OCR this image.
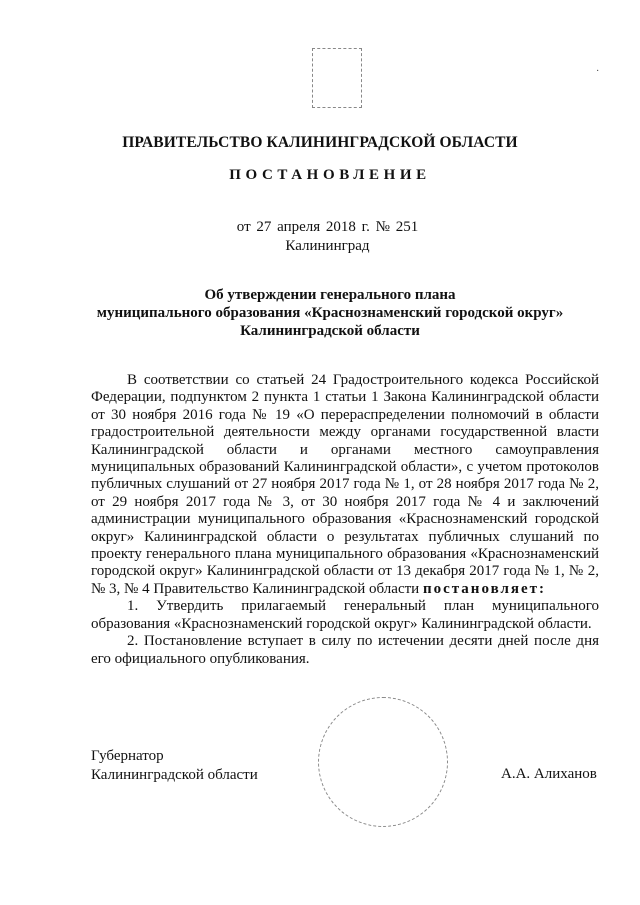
·
ПРАВИТЕЛЬСТВО КАЛИНИНГРАДСКОЙ ОБЛАСТИ
ПОСТАНОВЛЕНИЕ
от 27 апреля 2018 г. № 251
Калининград
Об утверждении генерального плана
муниципального образования «Краснознаменский городской округ»
Калининградской области

В соответствии со статьей 24 Градостроительного кодекса Российской Федерации, подпунктом 2 пункта 1 статьи 1 Закона Калининградской области от 30 ноября 2016 года № 19 «О перераспределении полномочий в области градостроительной деятельности между органами государственной власти Калининградской области и органами местного самоуправления муниципальных образований Калининградской области», с учетом протоколов публичных слушаний от 27 ноября 2017 года № 1, от 28 ноября 2017 года № 2, от 29 ноября 2017 года № 3, от 30 ноября 2017 года № 4 и заключений администрации муниципального образования «Краснознаменский городской округ» Калининградской области о результатах публичных слушаний по проекту генерального плана муниципального образования «Краснознаменский городской округ» Калининградской области от 13 декабря 2017 года № 1, № 2, № 3, № 4 Правительство Калининградской области постановляет:

1. Утвердить прилагаемый генеральный план муниципального образования «Краснознаменский городской округ» Калининградской области.

2. Постановление вступает в силу по истечении десяти дней после дня его официального опубликования.

Губернатор
Калининградской области	А.А. Алиханов
